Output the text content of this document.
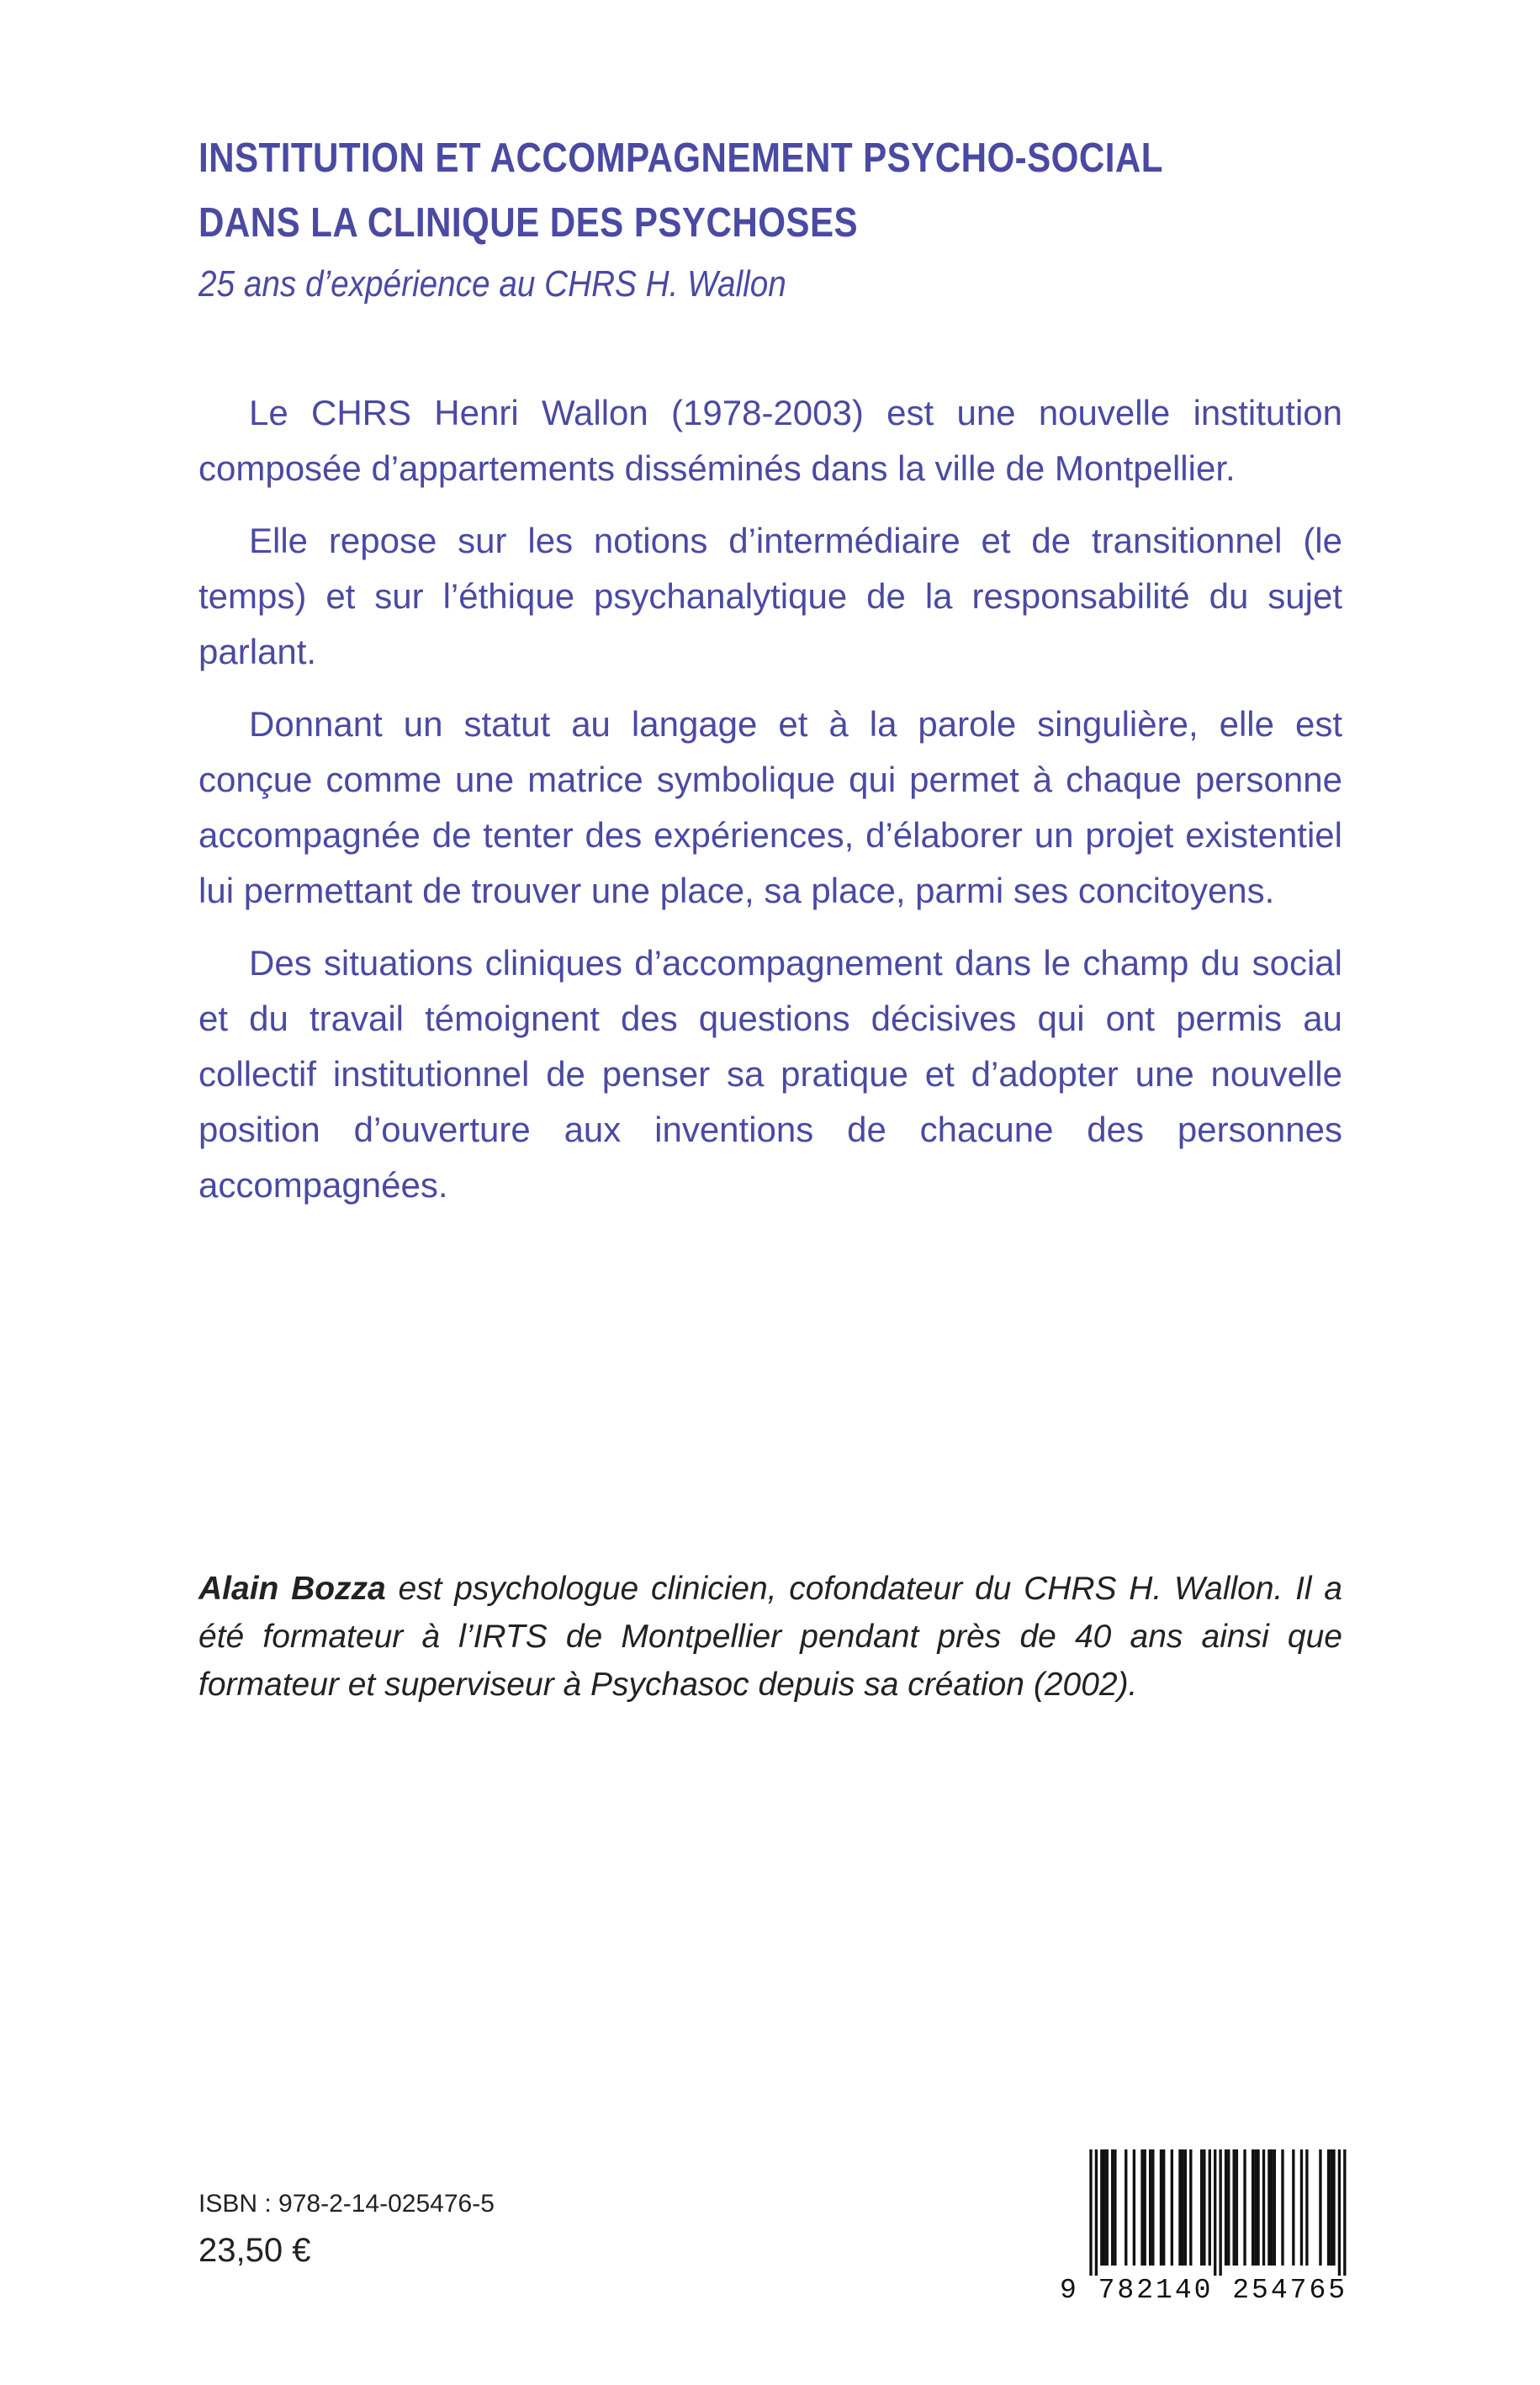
INSTITUTION ET ACCOMPAGNEMENT PSYCHO-SOCIAL
DANS LA CLINIQUE DES PSYCHOSES

25 ans d’expérience au CHRS H. Wallon

Le CHRS Henri Wallon (1978-2003) est une nouvelle institution composée d’appartements disséminés dans la ville de Montpellier.

Elle repose sur les notions d’intermédiaire et de transitionnel (le temps) et sur l’éthique psychanalytique de la responsabilité du sujet parlant.

Donnant un statut au langage et à la parole singulière, elle est conçue comme une matrice symbolique qui permet à chaque personne accompagnée de tenter des expériences, d’élaborer un projet existentiel lui permettant de trouver une place, sa place, parmi ses concitoyens.

Des situations cliniques d’accompagnement dans le champ du social et du travail témoignent des questions décisives qui ont permis au collectif institutionnel de penser sa pratique et d’adopter une nouvelle position d’ouverture aux inventions de chacune des personnes accompagnées.

Alain Bozza est psychologue clinicien, cofondateur du CHRS H. Wallon. Il a été formateur à l’IRTS de Montpellier pendant près de 40 ans ainsi que formateur et superviseur à Psychasoc depuis sa création (2002).

ISBN : 978-2-14-025476-5

23,50 €

9 782140 254765
